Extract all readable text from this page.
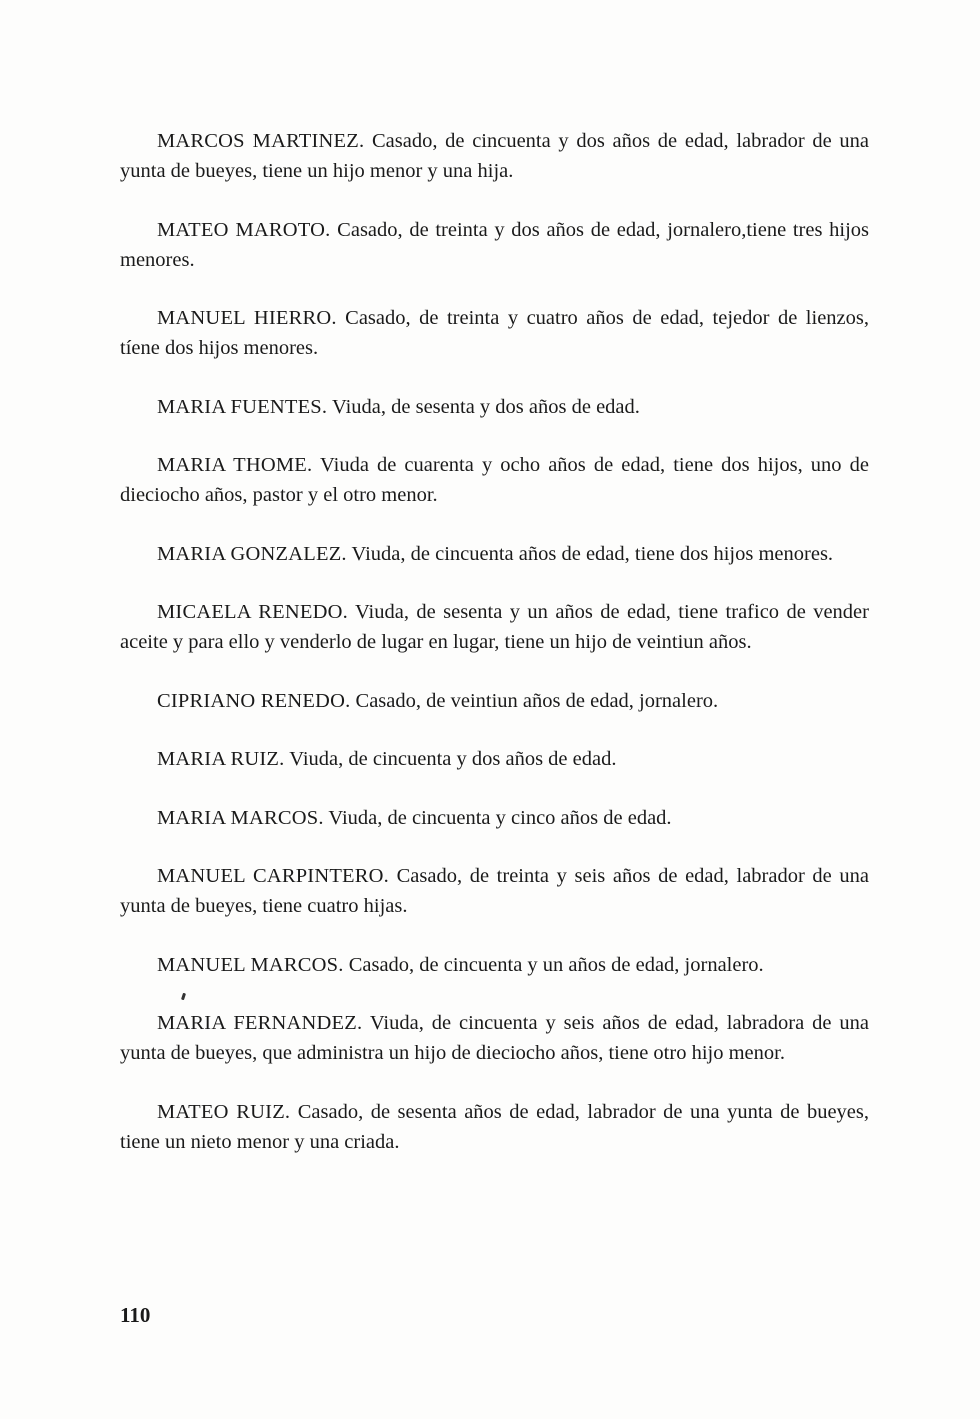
MARCOS MARTINEZ. Casado, de cincuenta y dos años de edad, labrador de una yunta de bueyes, tiene un hijo menor y una hija.

MATEO MAROTO. Casado, de treinta y dos años de edad, jornalero,tiene tres hijos menores.

MANUEL HIERRO. Casado, de treinta y cuatro años de edad, tejedor de lienzos, tíene dos hijos menores.

MARIA FUENTES. Viuda, de sesenta y dos años de edad.

MARIA THOME. Viuda de cuarenta y ocho años de edad, tiene dos hijos, uno de dieciocho años, pastor y el otro menor.

MARIA GONZALEZ. Viuda, de cincuenta años de edad, tiene dos hijos menores.

MICAELA RENEDO. Viuda, de sesenta y un años de edad, tiene trafico de vender aceite y para ello y venderlo de lugar en lugar, tiene un hijo de veintiun años.

CIPRIANO RENEDO. Casado, de veintiun años de edad, jornalero.

MARIA RUIZ. Viuda, de cincuenta y dos años de edad.

MARIA MARCOS. Viuda, de cincuenta y cinco años de edad.

MANUEL CARPINTERO. Casado, de treinta y seis años de edad, labrador de una yunta de bueyes, tiene cuatro hijas.

MANUEL MARCOS. Casado, de cincuenta y un años de edad, jornalero.

MARIA FERNANDEZ. Viuda, de cincuenta y seis años de edad, labradora de una yunta de bueyes, que administra un hijo de dieciocho años, tiene otro hijo menor.

MATEO RUIZ. Casado, de sesenta años de edad, labrador de una yunta de bueyes, tiene un nieto menor y una criada.

110
